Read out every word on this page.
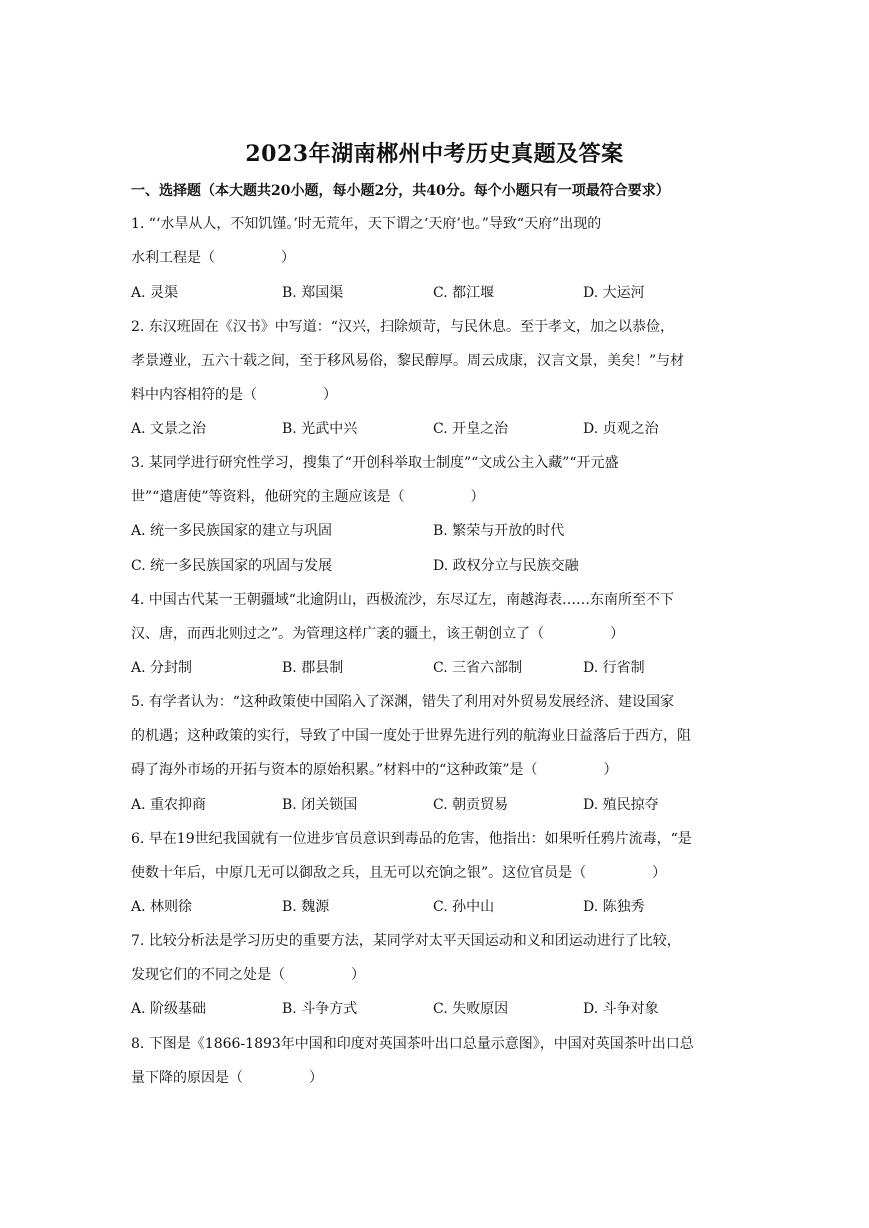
2023年湖南郴州中考历史真题及答案
一、选择题（本大题共20小题，每小题2分，共40分。每个小题只有一项最符合要求）
1. “‘水旱从人，不知饥馑。’时无荒年，天下谓之‘天府’也。”导致“天府”出现的
水利工程是（	）
A. 灵渠	B. 郑国渠	C. 都江堰	D. 大运河
2. 东汉班固在《汉书》中写道：“汉兴，扫除烦苛，与民休息。至于孝文，加之以恭俭，
孝景遵业，五六十载之间，至于移风易俗，黎民醇厚。周云成康，汉言文景，美矣！”与材
料中内容相符的是（	）
A. 文景之治	B. 光武中兴	C. 开皇之治	D. 贞观之治
3. 某同学进行研究性学习，搜集了“开创科举取士制度”“文成公主入藏”“开元盛
世”“遣唐使”等资料，他研究的主题应该是（	）
A. 统一多民族国家的建立与巩固	B. 繁荣与开放的时代
C. 统一多民族国家的巩固与发展	D. 政权分立与民族交融
4. 中国古代某一王朝疆域“北逾阴山，西极流沙，东尽辽左，南越海表……东南所至不下
汉、唐，而西北则过之”。为管理这样广袤的疆土，该王朝创立了（	）
A. 分封制	B. 郡县制	C. 三省六部制	D. 行省制
5. 有学者认为：“这种政策使中国陷入了深渊，错失了利用对外贸易发展经济、建设国家
的机遇；这种政策的实行，导致了中国一度处于世界先进行列的航海业日益落后于西方，阻
碍了海外市场的开拓与资本的原始积累。”材料中的“这种政策”是（	）
A. 重农抑商	B. 闭关锁国	C. 朝贡贸易	D. 殖民掠夺
6. 早在19世纪我国就有一位进步官员意识到毒品的危害，他指出：如果听任鸦片流毒，“是
使数十年后，中原几无可以御敌之兵，且无可以充饷之银”。这位官员是（	）
A. 林则徐	B. 魏源	C. 孙中山	D. 陈独秀
7. 比较分析法是学习历史的重要方法，某同学对太平天国运动和义和团运动进行了比较，
发现它们的不同之处是（	）
A. 阶级基础	B. 斗争方式	C. 失败原因	D. 斗争对象
8. 下图是《1866-1893年中国和印度对英国茶叶出口总量示意图》，中国对英国茶叶出口总
量下降的原因是（	）
